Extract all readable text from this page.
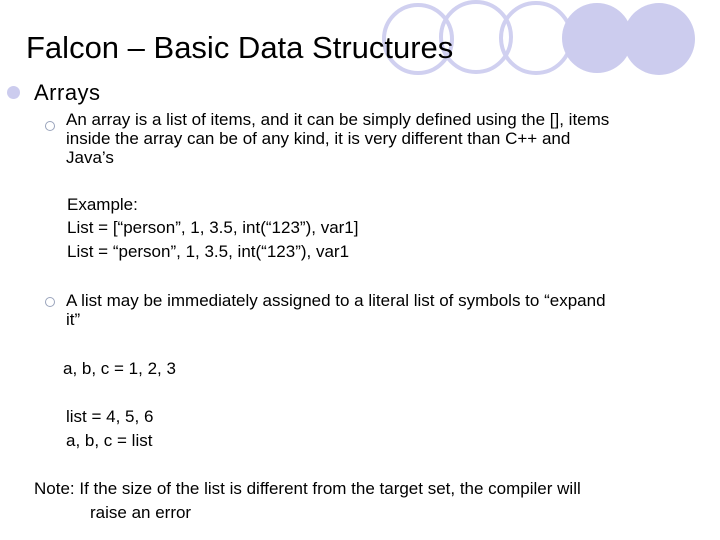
Falcon – Basic Data Structures
Arrays
An array is a list of items, and it can be simply defined using the [], items
inside the array can be of any kind, it is very different than C++ and
Java’s
Example:
List = [“person”, 1, 3.5, int(“123”), var1]
List = “person”, 1, 3.5, int(“123”), var1
A list may be immediately assigned to a literal list of symbols to “expand
it”
a, b, c = 1, 2, 3
list = 4, 5, 6
a, b, c = list
Note: If the size of the list is different from the target set, the compiler will
raise an error
